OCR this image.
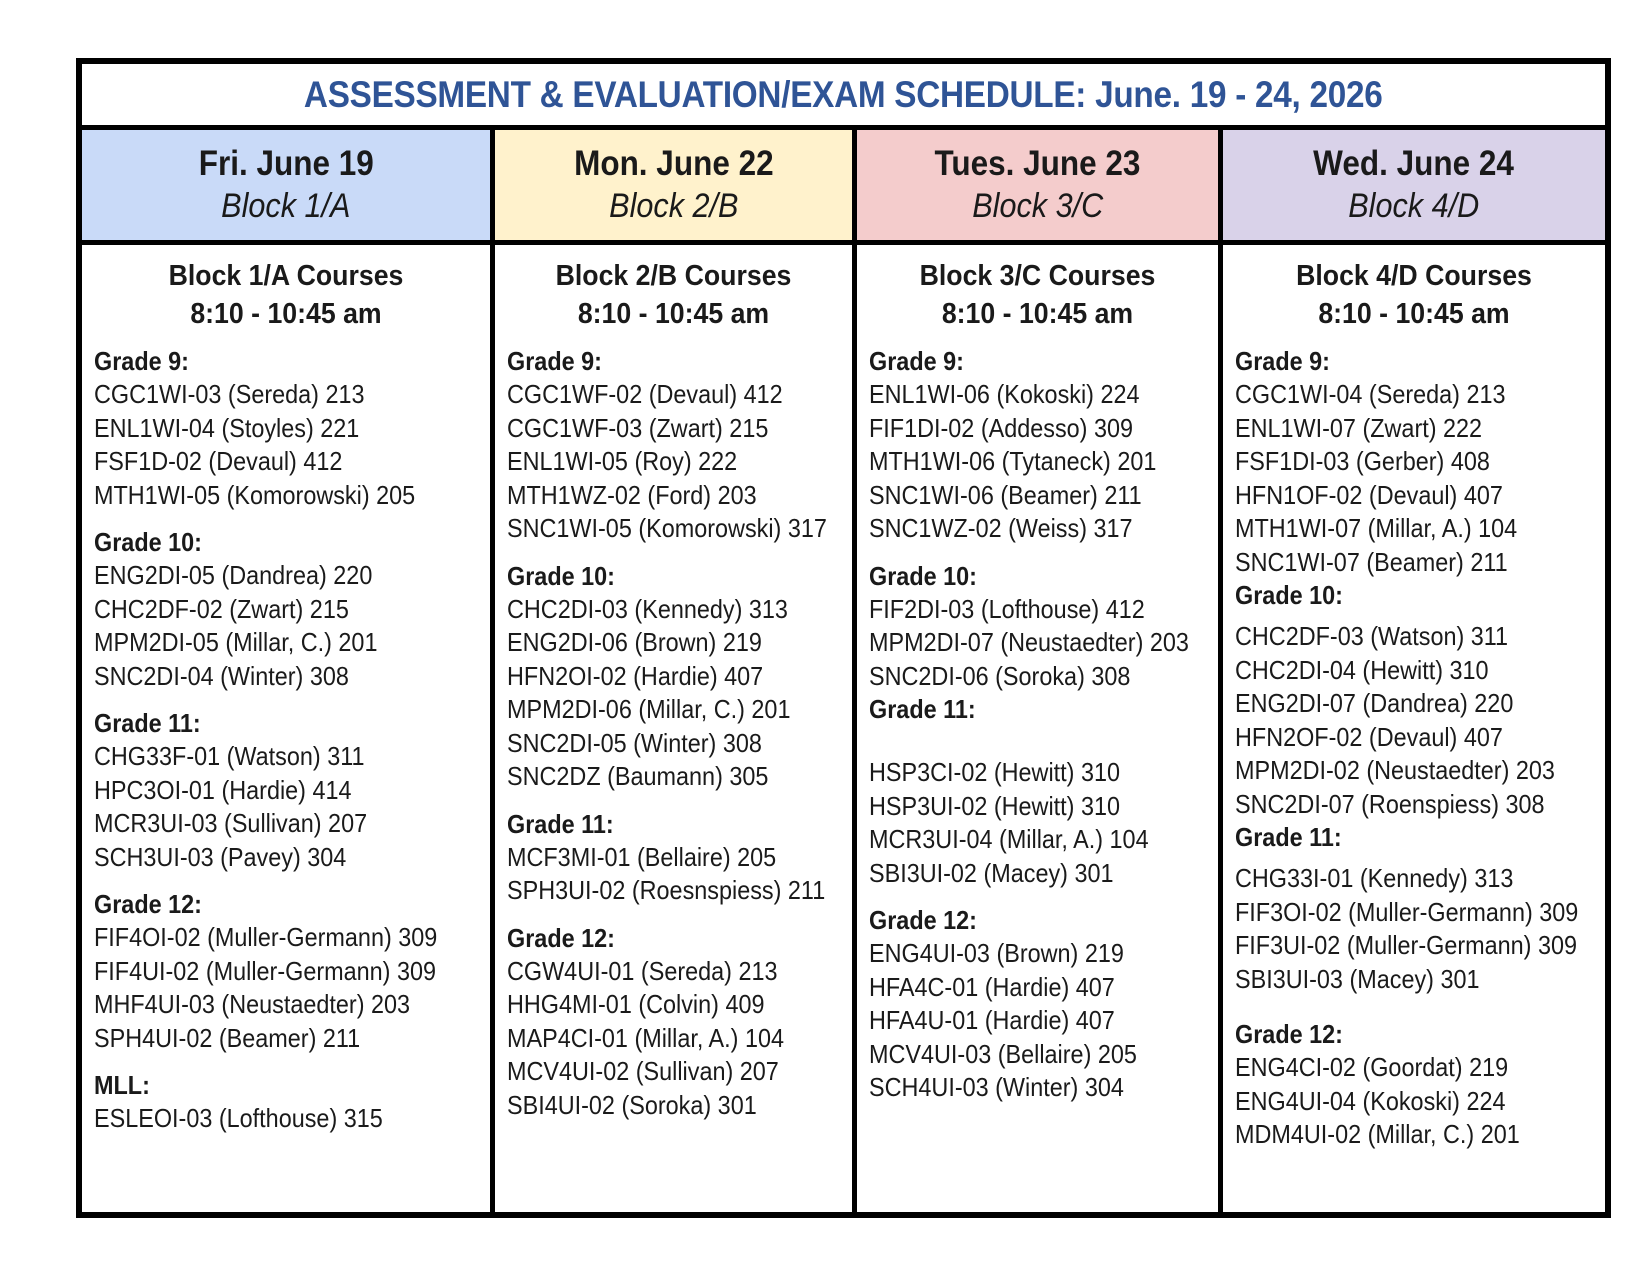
ASSESSMENT & EVALUATION/EXAM SCHEDULE: June. 19 - 24, 2026
Fri. June 19
Block 1/A
Mon. June 22
Block 2/B
Tues. June 23
Block 3/C
Wed. June 24
Block 4/D
Block 1/A Courses
8:10 - 10:45 am
Grade 9:
CGC1WI-03 (Sereda) 213
ENL1WI-04 (Stoyles) 221
FSF1D-02 (Devaul) 412
MTH1WI-05 (Komorowski) 205
Grade 10:
ENG2DI-05 (Dandrea) 220
CHC2DF-02 (Zwart) 215
MPM2DI-05 (Millar, C.) 201
SNC2DI-04 (Winter) 308
Grade 11:
CHG33F-01 (Watson) 311
HPC3OI-01 (Hardie) 414
MCR3UI-03 (Sullivan) 207
SCH3UI-03 (Pavey) 304
Grade 12:
FIF4OI-02 (Muller-Germann) 309
FIF4UI-02 (Muller-Germann) 309
MHF4UI-03 (Neustaedter) 203
SPH4UI-02 (Beamer) 211
MLL:
ESLEOI-03 (Lofthouse) 315
Block 2/B Courses
8:10 - 10:45 am
Grade 9:
CGC1WF-02 (Devaul) 412
CGC1WF-03 (Zwart) 215
ENL1WI-05 (Roy) 222
MTH1WZ-02 (Ford) 203
SNC1WI-05 (Komorowski) 317
Grade 10:
CHC2DI-03 (Kennedy) 313
ENG2DI-06 (Brown) 219
HFN2OI-02 (Hardie) 407
MPM2DI-06 (Millar, C.) 201
SNC2DI-05 (Winter) 308
SNC2DZ (Baumann) 305
Grade 11:
MCF3MI-01 (Bellaire) 205
SPH3UI-02 (Roesnspiess) 211
Grade 12:
CGW4UI-01 (Sereda) 213
HHG4MI-01 (Colvin) 409
MAP4CI-01 (Millar, A.) 104
MCV4UI-02 (Sullivan) 207
SBI4UI-02 (Soroka) 301
Block 3/C Courses
8:10 - 10:45 am
Grade 9:
ENL1WI-06 (Kokoski) 224
FIF1DI-02 (Addesso) 309
MTH1WI-06 (Tytaneck) 201
SNC1WI-06 (Beamer) 211
SNC1WZ-02 (Weiss) 317
Grade 10:
FIF2DI-03 (Lofthouse) 412
MPM2DI-07 (Neustaedter) 203
SNC2DI-06 (Soroka) 308
Grade 11:
HSP3CI-02 (Hewitt) 310
HSP3UI-02 (Hewitt) 310
MCR3UI-04 (Millar, A.) 104
SBI3UI-02 (Macey) 301
Grade 12:
ENG4UI-03 (Brown) 219
HFA4C-01 (Hardie) 407
HFA4U-01 (Hardie) 407
MCV4UI-03 (Bellaire) 205
SCH4UI-03 (Winter) 304
Block 4/D Courses
8:10 - 10:45 am
Grade 9:
CGC1WI-04 (Sereda) 213
ENL1WI-07 (Zwart) 222
FSF1DI-03 (Gerber) 408
HFN1OF-02 (Devaul) 407
MTH1WI-07 (Millar, A.) 104
SNC1WI-07 (Beamer) 211
Grade 10:
CHC2DF-03 (Watson) 311
CHC2DI-04 (Hewitt) 310
ENG2DI-07 (Dandrea) 220
HFN2OF-02 (Devaul) 407
MPM2DI-02 (Neustaedter) 203
SNC2DI-07 (Roenspiess) 308
Grade 11:
CHG33I-01 (Kennedy) 313
FIF3OI-02 (Muller-Germann) 309
FIF3UI-02 (Muller-Germann) 309
SBI3UI-03 (Macey) 301
Grade 12:
ENG4CI-02 (Goordat) 219
ENG4UI-04 (Kokoski) 224
MDM4UI-02 (Millar, C.) 201
